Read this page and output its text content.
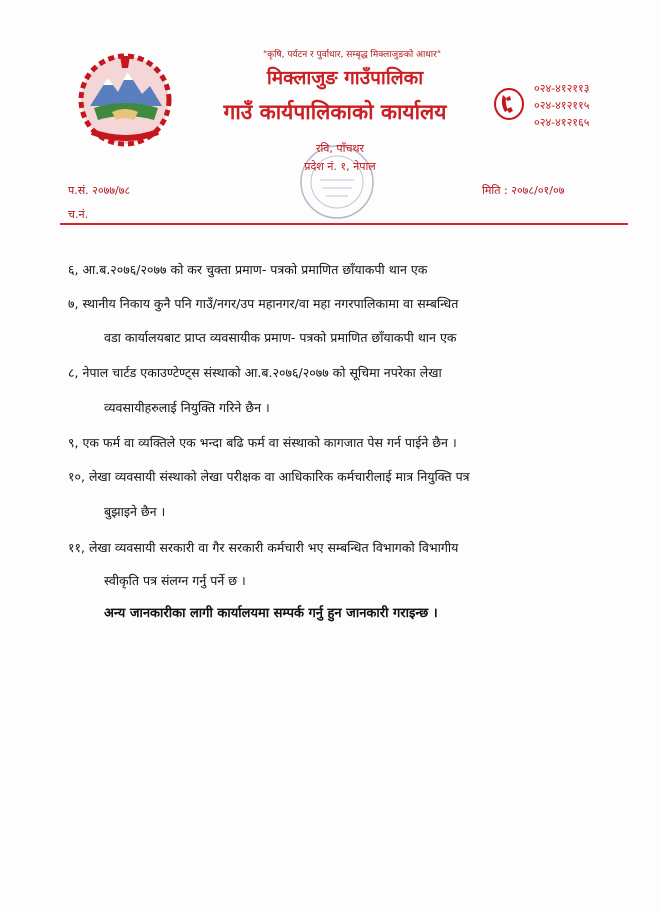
"कृषि, पर्यटन र पुर्वाधार, सम्बृद्ध मिक्लाजुङको आधार"
मिक्लाजुङ गाउँपालिका
गाउँ कार्यपालिकाको कार्यालय
रवि, पाँचथर
प्रदेश नं. १, नेपाल
०२४-४१२११३
०२४-४१२११५
०२४-४१२१६५
प.सं. २०७७/७८
च.नं.
मिति : २०७८/०१/०७
६, आ.ब.२०७६/२०७७ को कर चुक्ता प्रमाण- पत्रको प्रमाणित छाँयाकपी थान एक
७, स्थानीय निकाय कुनै पनि गाउँ/नगर/उप महानगर/वा महा नगरपालिकामा वा सम्बन्धित
वडा कार्यालयबाट प्राप्त व्यवसायीक प्रमाण- पत्रको प्रमाणित छाँयाकपी थान एक
८, नेपाल चार्टड एकाउण्टेण्ट्स संस्थाको आ.ब.२०७६/२०७७ को सूचिमा नपरेका लेखा
व्यवसायीहरुलाई नियुक्ति गरिने छैन ।
९, एक फर्म वा व्यक्तिले एक भन्दा बढि फर्म वा संस्थाको कागजात पेस गर्न पाईने छैन ।
१०, लेखा व्यवसायी संस्थाको लेखा परीक्षक वा आधिकारिक कर्मचारीलाई मात्र नियुक्ति पत्र
बुझाइने छैन ।
११, लेखा व्यवसायी सरकारी वा गैर सरकारी कर्मचारी भए सम्बन्धित विभागको विभागीय
स्वीकृति पत्र संलग्न गर्नु पर्ने छ ।
अन्य जानकारीका लागी कार्यालयमा सम्पर्क गर्नु हुन जानकारी गराइन्छ ।
